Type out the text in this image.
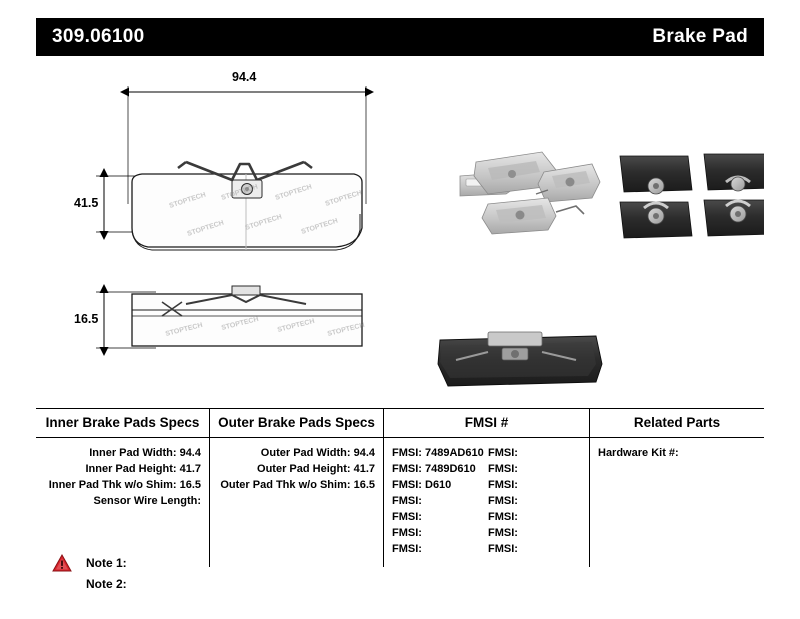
309.06100	Brake Pad
STOPTECH STOPTECH STOPTECH STOPTECH
STOPTECH	STOPTECH	STOPTECH
STOPTECH STOPTECH STOPTECH STOPTECH
94.4
41.5
16.5
Inner Brake Pads Specs	Outer Brake Pads Specs	FMSI #	Related Parts
Inner Pad Width: 94.4
Inner Pad Height: 41.7
Inner Pad Thk w/o Shim: 16.5
Sensor Wire Length:
Outer Pad Width: 94.4
Outer Pad Height: 41.7
Outer Pad Thk w/o Shim: 16.5
FMSI: 7489AD610 FMSI:
FMSI: 7489D610	FMSI:
FMSI: D610	FMSI:
FMSI:	FMSI:
FMSI:	FMSI:
FMSI:	FMSI:
FMSI:	FMSI:
Hardware Kit #:
Note 1:
Note 2:
